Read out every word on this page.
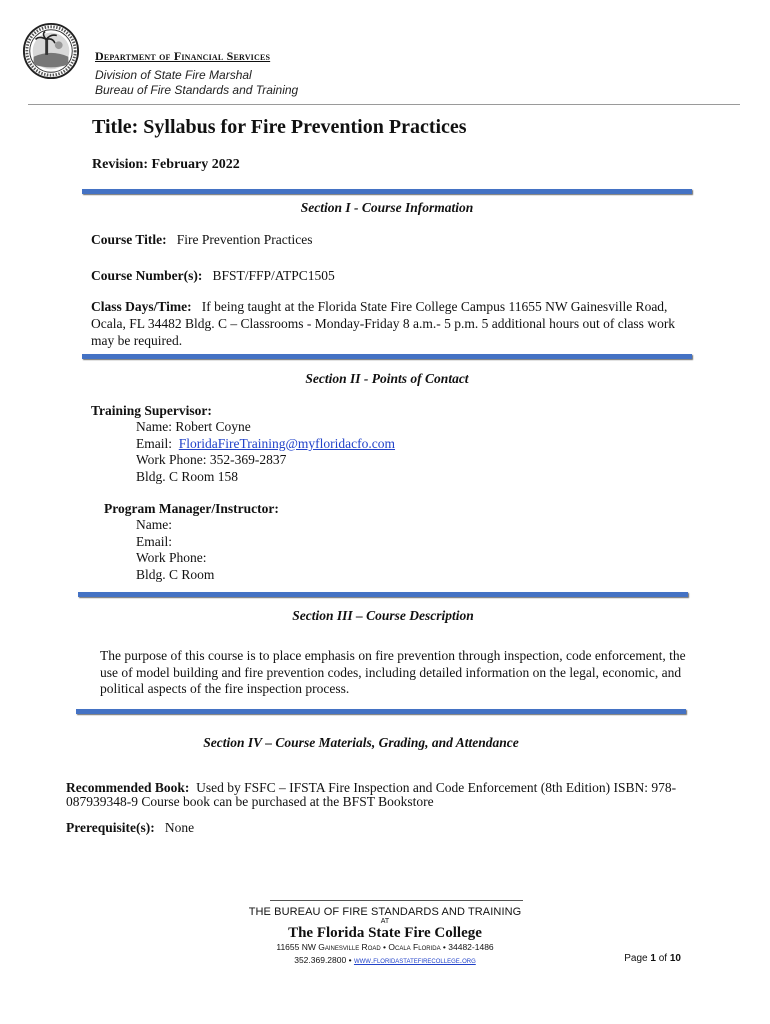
Department of Financial Services
Division of State Fire Marshal
Bureau of Fire Standards and Training
Title: Syllabus for Fire Prevention Practices
Revision: February 2022
Section I - Course Information
Course Title: Fire Prevention Practices
Course Number(s): BFST/FFP/ATPC1505
Class Days/Time: If being taught at the Florida State Fire College Campus 11655 NW Gainesville Road,
Ocala, FL 34482 Bldg. C – Classrooms - Monday-Friday 8 a.m.- 5 p.m. 5 additional hours out of class work
may be required.
Section II - Points of Contact
Training Supervisor:
Name: Robert Coyne
Email: FloridaFireTraining@myfloridacfo.com
Work Phone: 352-369-2837
Bldg. C Room 158
Program Manager/Instructor:
Name:
Email:
Work Phone:
Bldg. C Room
Section III – Course Description
The purpose of this course is to place emphasis on fire prevention through inspection, code enforcement, the
use of model building and fire prevention codes, including detailed information on the legal, economic, and
political aspects of the fire inspection process.
Section IV – Course Materials, Grading, and Attendance
Recommended Book: Used by FSFC – IFSTA Fire Inspection and Code Enforcement (8th Edition) ISBN: 978-
087939348-9 Course book can be purchased at the BFST Bookstore
Prerequisite(s): None
THE BUREAU OF FIRE STANDARDS AND TRAINING
AT
The Florida State Fire College
11655 NW Gainesville Road • Ocala Florida • 34482-1486
352.369.2800 • www.floridastatefirecollege.org	Page 1 of 10
